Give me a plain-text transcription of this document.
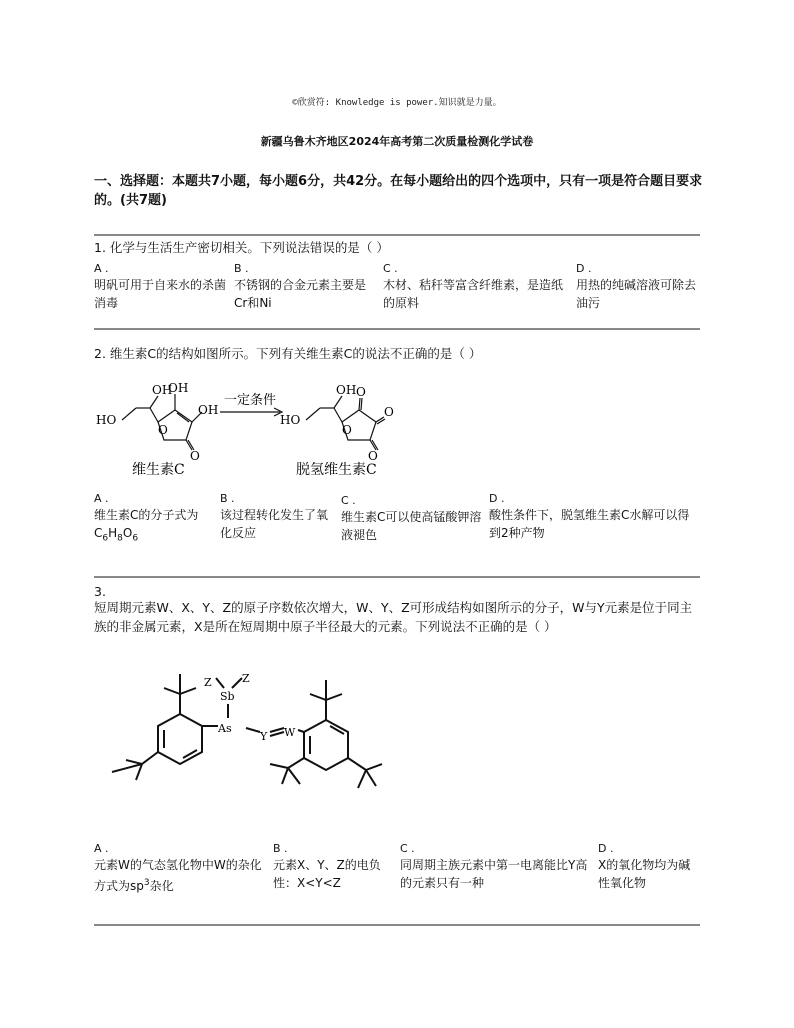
©欣赏符: Knowledge is power.知识就是力量。
新疆乌鲁木齐地区2024年高考第二次质量检测化学试卷
一、选择题：本题共7小题，每小题6分，共42分。在每小题给出的四个选项中，只有一项是符合题目要求的。(共7题)
1. 化学与生活生产密切相关。下列说法错误的是（ ）
A .
明矾可用于自来水的杀菌消毒
B .
不锈钢的合金元素主要是Cr和Ni
C .
木材、秸秆等富含纤维素，是造纸的原料
D .
用热的纯碱溶液可除去油污
2. 维生素C的结构如图所示。下列有关维生素C的说法不正确的是（ ）
HO
OH
OH
OH
O
O
一定条件
HO
OH O
O
O
O
维生素C	脱氢维生素C
A .
维生素C的分子式为
$C_6H_8O_6$
B .
该过程转化发生了氧化反应
C .
维生素C可以使高锰酸钾溶液褪色
D .
酸性条件下，脱氢维生素C水解可以得到2种产物
3.
短周期元素W、X、Y、Z的原子序数依次增大，W、Y、Z可形成结构如图所示的分子，W与Y元素是位于同主族的非金属元素，X是所在短周期中原子半径最大的元素。下列说法不正确的是（ ）
Z	Z
Sb
As
Y W
A .
元素W的气态氢化物中W的杂化方式为$sp^3$杂化
B .
元素X、Y、Z的电负性：X<Y<Z
C .
同周期主族元素中第一电离能比Y高的元素只有一种
D .
X的氧化物均为碱性氧化物
